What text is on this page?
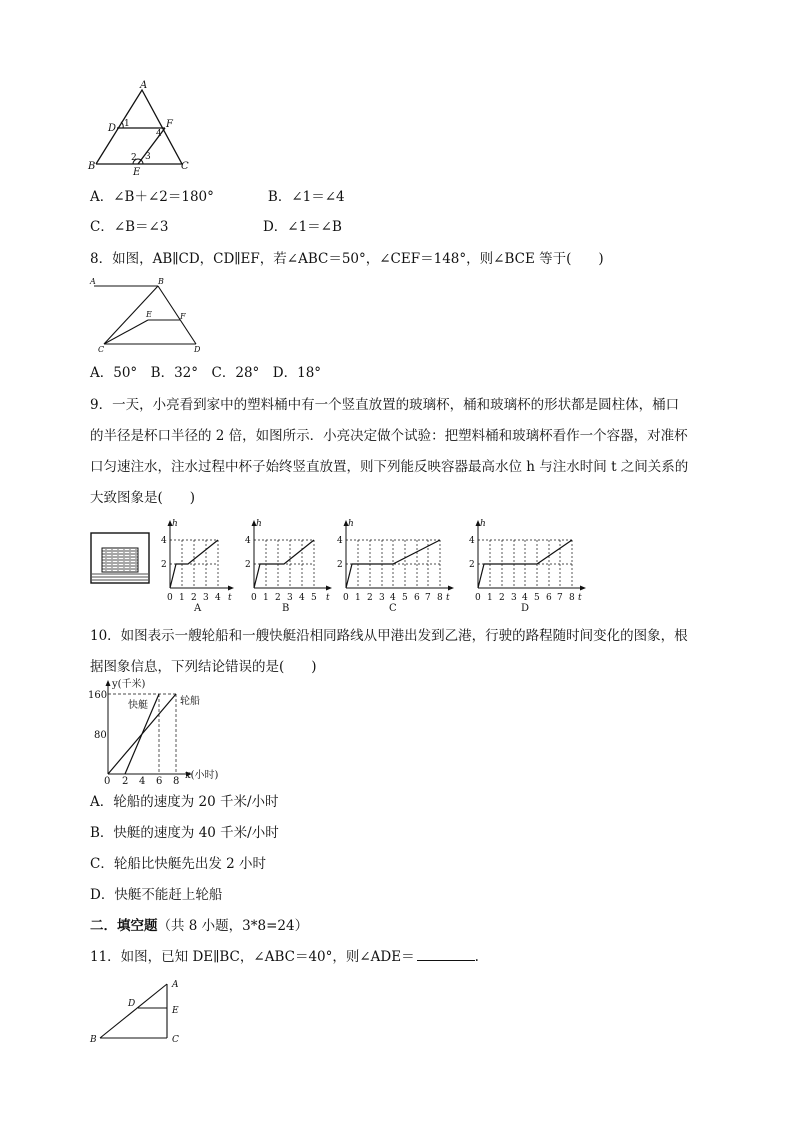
A
B	C
D
E
F
1
2 3
4
A．∠B＋∠2＝180°　　　　B．∠1＝∠4
C．∠B＝∠3　　　　　　　D．∠1＝∠B
8．如图，AB∥CD，CD∥EF，若∠ABC＝50°，∠CEF＝148°，则∠BCE 等于(　　)
A	B
C	D
E	F
A．50°　B．32°　C．28°　D．18°
9．一天，小亮看到家中的塑料桶中有一个竖直放置的玻璃杯，桶和玻璃杯的形状都是圆柱体，桶口
的半径是杯口半径的 2 倍，如图所示．小亮决定做个试验：把塑料桶和玻璃杯看作一个容器，对准杯
口匀速注水，注水过程中杯子始终竖直放置，则下列能反映容器最高水位 h 与注水时间 t 之间关系的
大致图象是(　　)
h
t
4
2
0 1 2 3 4
A
h
t
4
2
0 1 2 3 4 5
B
h
t
4
2
0 1 2 3 4 5 6 7 8
C
h
t
4
2
0 1 2 3 4 5 6 7 8
D
10．如图表示一艘轮船和一艘快艇沿相同路线从甲港出发到乙港，行驶的路程随时间变化的图象，根
据图象信息，下列结论错误的是(　　)
y(千米)
x(小时)
160
80
0 2 4 6 8
快艇	轮船
A．轮船的速度为 20 千米/小时
B．快艇的速度为 40 千米/小时
C．轮船比快艇先出发 2 小时
D．快艇不能赶上轮船
二．填空题（共 8 小题，3*8=24）
11．如图，已知 DE∥BC，∠ABC＝40°，则∠ADE＝	.
A
B	C
D
E
